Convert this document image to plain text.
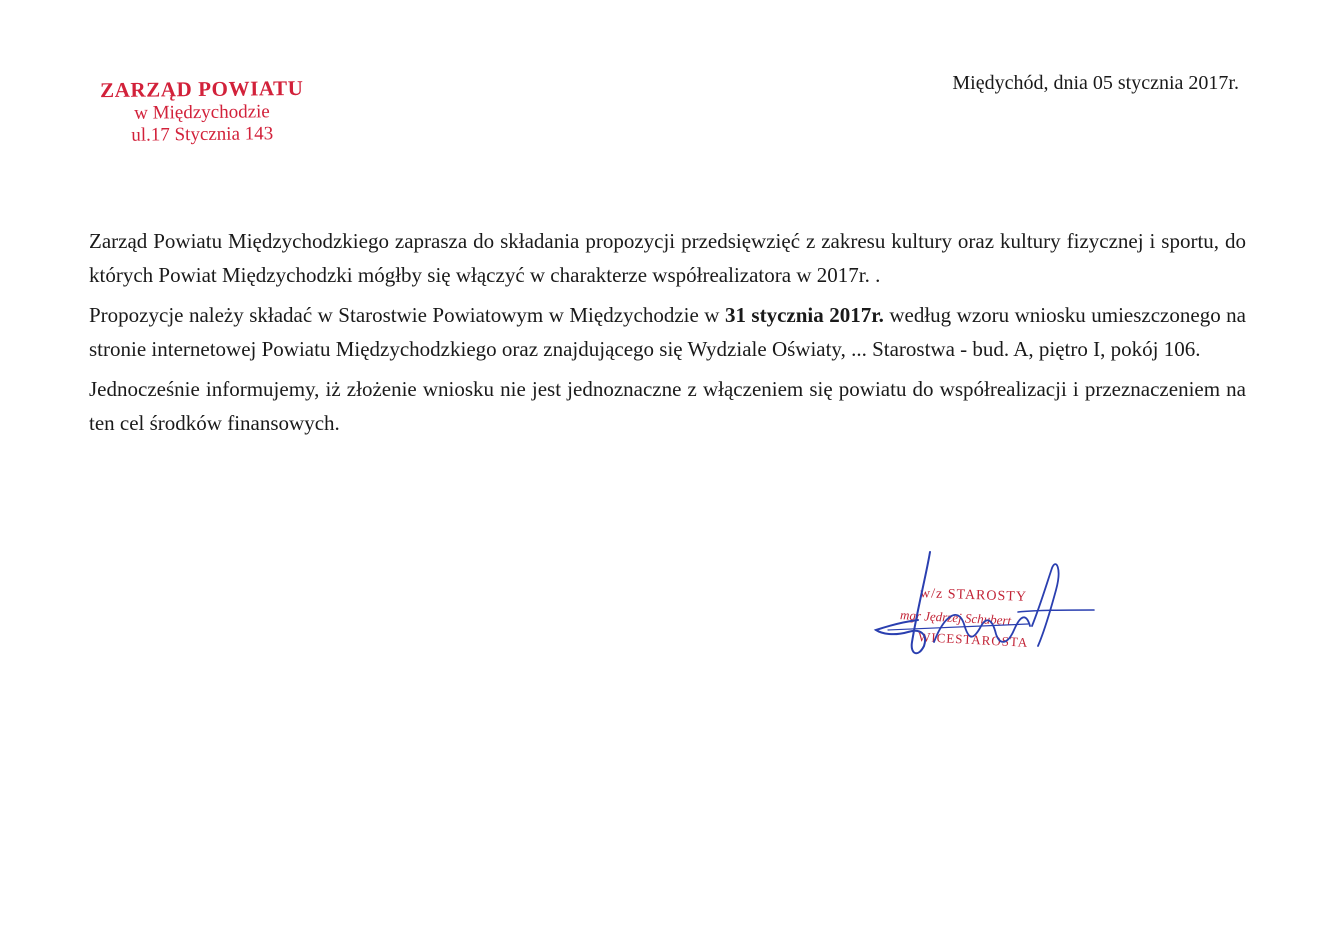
ZARZĄD POWIATU
w Międzychodzie
ul.17 Stycznia 143
Międychód, dnia 05 stycznia 2017r.

Zarząd Powiatu Międzychodzkiego zaprasza do składania propozycji przedsięwzięć z zakresu kultury oraz kultury fizycznej i sportu, do których Powiat Międzychodzki mógłby się włączyć w charakterze współrealizatora w 2017r. .

Propozycje należy składać w Starostwie Powiatowym w Międzychodzie w 31 stycznia 2017r. według wzoru wniosku umieszczonego na stronie internetowej Powiatu Międzychodzkiego oraz znajdującego się Wydziale Oświaty, ... Starostwa - bud. A, piętro I, pokój 106.

Jednocześnie informujemy, iż złożenie wniosku nie jest jednoznaczne z włączeniem się powiatu do współrealizacji i przeznaczeniem na ten cel środków finansowych.

w/z STAROSTY
mgr Jędrzej Schubert
WICESTAROSTA
